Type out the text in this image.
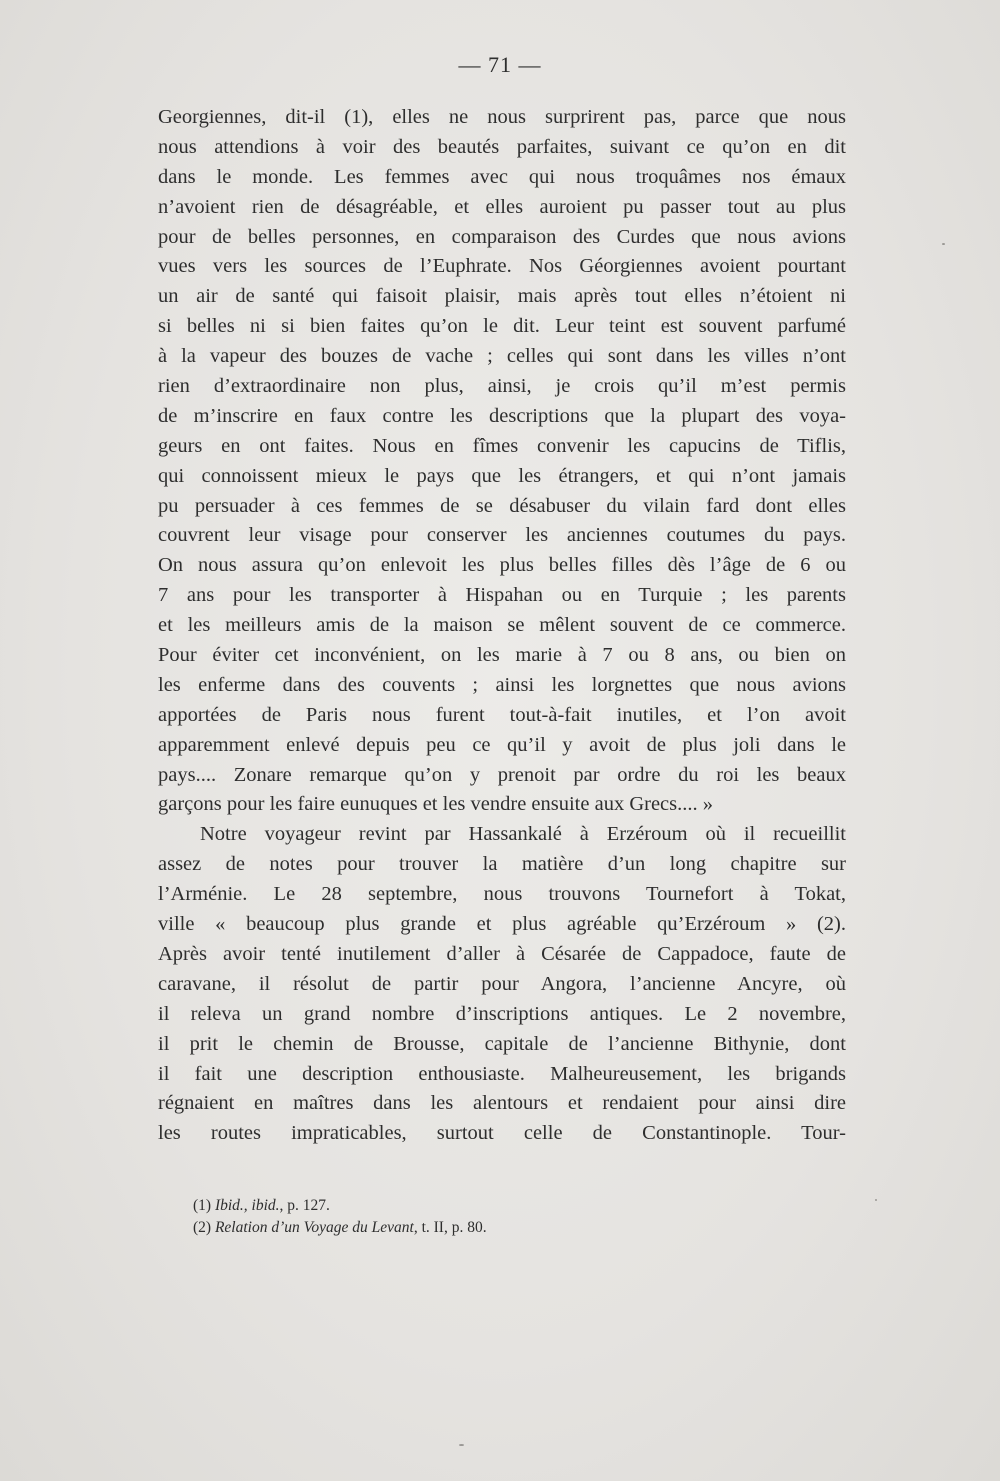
— 71 —
Georgiennes, dit-il (1), elles ne nous surprirent pas, parce que nous
nous attendions à voir des beautés parfaites, suivant ce qu’on en dit
dans le monde. Les femmes avec qui nous troquâmes nos émaux
n’avoient rien de désagréable, et elles auroient pu passer tout au plus
pour de belles personnes, en comparaison des Curdes que nous avions
vues vers les sources de l’Euphrate. Nos Géorgiennes avoient pourtant
un air de santé qui faisoit plaisir, mais après tout elles n’étoient ni
si belles ni si bien faites qu’on le dit. Leur teint est souvent parfumé
à la vapeur des bouzes de vache ; celles qui sont dans les villes n’ont
rien d’extraordinaire non plus, ainsi, je crois qu’il m’est permis
de m’inscrire en faux contre les descriptions que la plupart des voya-
geurs en ont faites. Nous en fîmes convenir les capucins de Tiflis,
qui connoissent mieux le pays que les étrangers, et qui n’ont jamais
pu persuader à ces femmes de se désabuser du vilain fard dont elles
couvrent leur visage pour conserver les anciennes coutumes du pays.
On nous assura qu’on enlevoit les plus belles filles dès l’âge de 6 ou
7 ans pour les transporter à Hispahan ou en Turquie ; les parents
et les meilleurs amis de la maison se mêlent souvent de ce commerce.
Pour éviter cet inconvénient, on les marie à 7 ou 8 ans, ou bien on
les enferme dans des couvents ; ainsi les lorgnettes que nous avions
apportées de Paris nous furent tout-à-fait inutiles, et l’on avoit
apparemment enlevé depuis peu ce qu’il y avoit de plus joli dans le
pays.... Zonare remarque qu’on y prenoit par ordre du roi les beaux
garçons pour les faire eunuques et les vendre ensuite aux Grecs.... »
Notre voyageur revint par Hassankalé à Erzéroum où il recueillit
assez de notes pour trouver la matière d’un long chapitre sur
l’Arménie. Le 28 septembre, nous trouvons Tournefort à Tokat,
ville « beaucoup plus grande et plus agréable qu’Erzéroum » (2).
Après avoir tenté inutilement d’aller à Césarée de Cappadoce, faute de
caravane, il résolut de partir pour Angora, l’ancienne Ancyre, où
il releva un grand nombre d’inscriptions antiques. Le 2 novembre,
il prit le chemin de Brousse, capitale de l’ancienne Bithynie, dont
il fait une description enthousiaste. Malheureusement, les brigands
régnaient en maîtres dans les alentours et rendaient pour ainsi dire
les routes impraticables, surtout celle de Constantinople. Tour-
(1) Ibid., ibid., p. 127.
(2) Relation d’un Voyage du Levant, t. II, p. 80.
